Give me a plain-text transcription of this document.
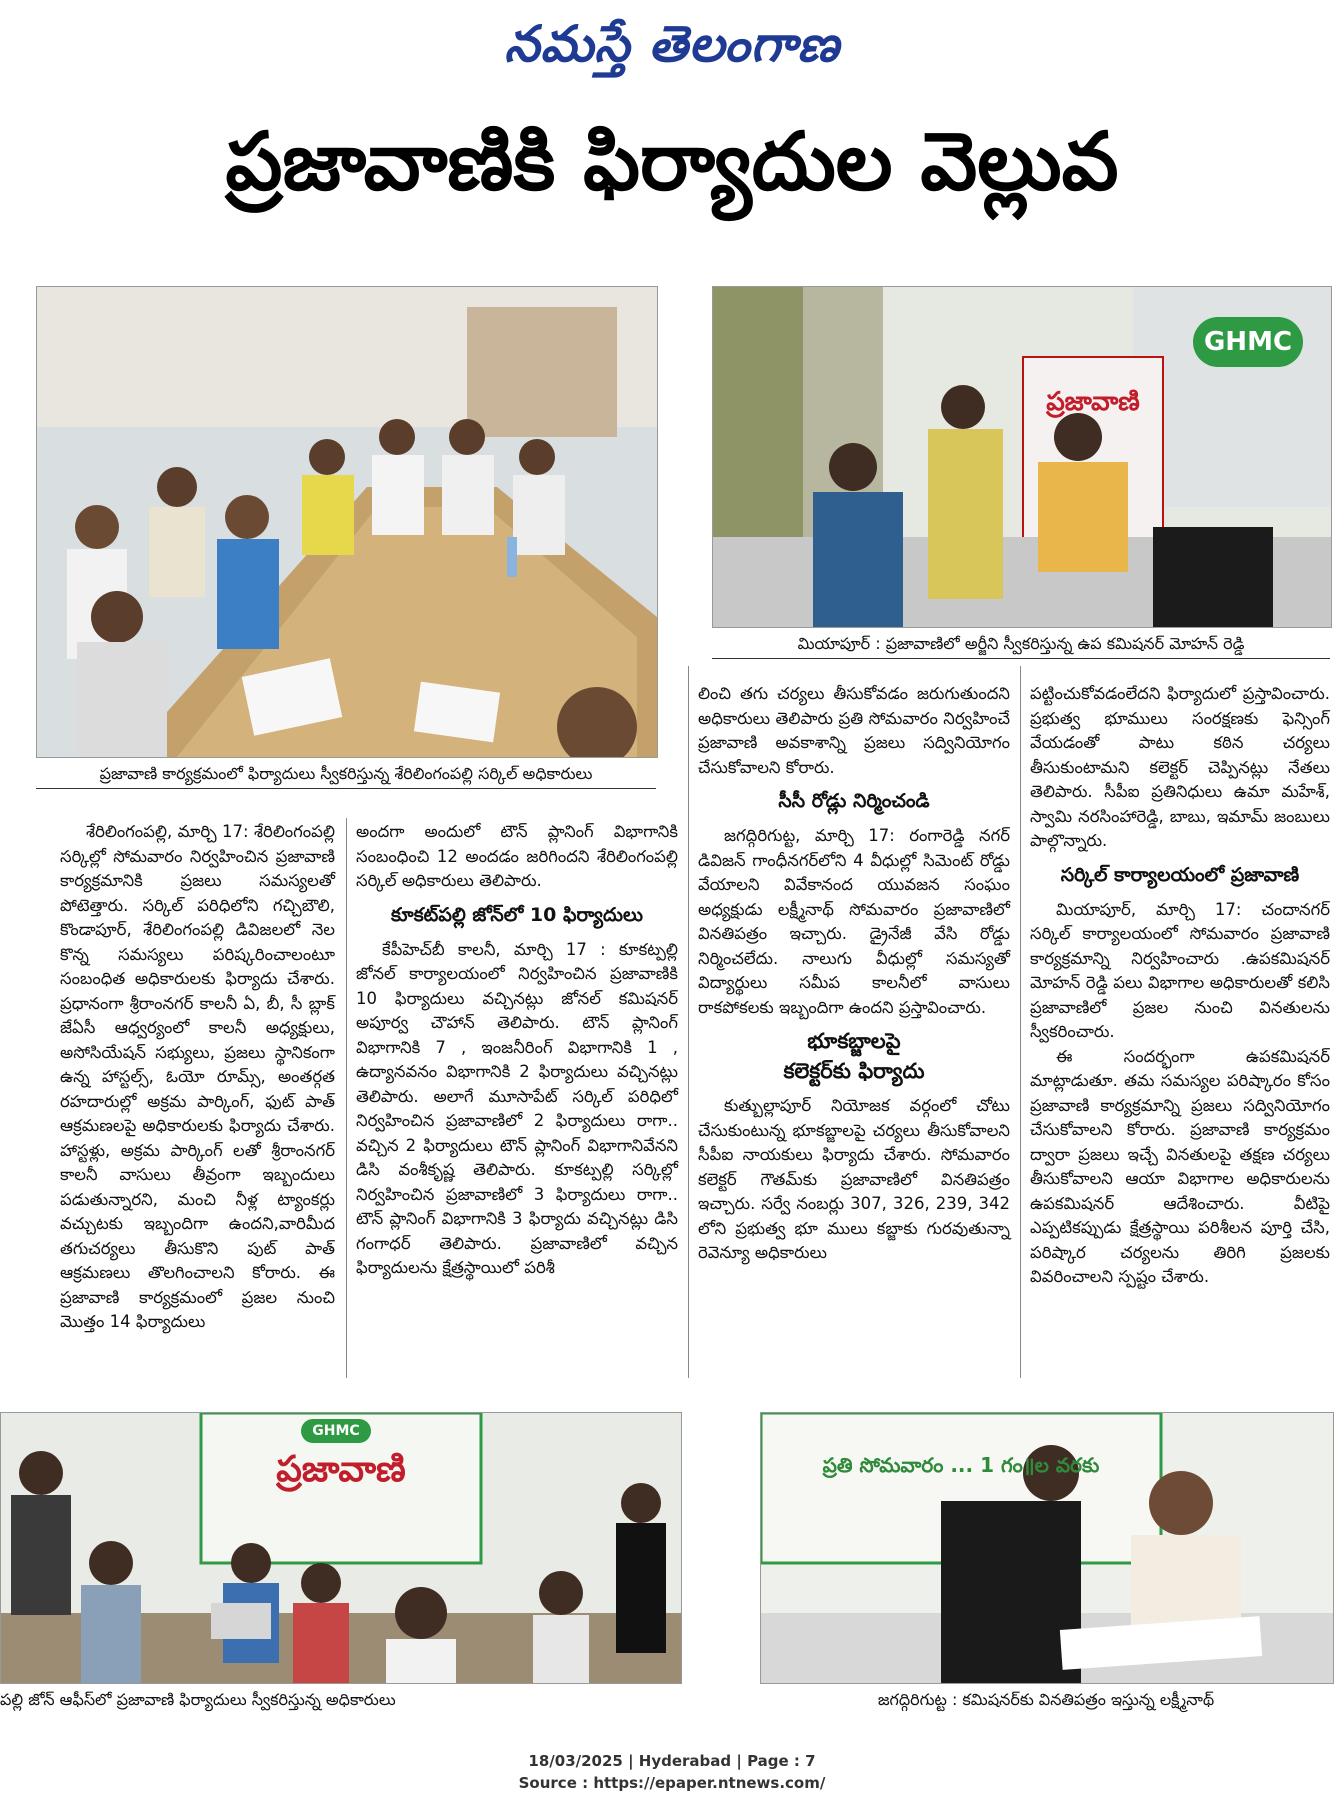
నమస్తే తెలంగాణ
ప్రజావాణికి ఫిర్యాదుల వెల్లువ
ప్రజావాణి కార్యక్రమంలో ఫిర్యాదులు స్వీకరిస్తున్న శేరిలింగంపల్లి సర్కిల్ అధికారులు
GHMC
ప్రజావాణి
మియాపూర్ : ప్రజావాణిలో అర్జీని స్వీకరిస్తున్న ఉప కమిషనర్ మోహన్ రెడ్డి

శేరిలింగంపల్లి, మార్చి 17: శేరిలింగంపల్లి సర్కిల్లో సోమవారం నిర్వహించిన ప్రజావాణి కార్యక్రమానికి ప్రజలు సమస్యలతో పోటెత్తారు. సర్కిల్ పరిధిలోని గచ్చిబౌలి, కొండాపూర్, శేరిలింగంపల్లి డివిజలలో నెల కొన్న సమస్యలు పరిష్కరించాలంటూ సంబంధిత అధికారులకు ఫిర్యాదు చేశారు. ప్రధానంగా శ్రీరాంనగర్ కాలనీ ఏ, బీ, సీ బ్లాక్ జేఏసీ ఆధ్వర్యంలో కాలనీ అధ్యక్షులు, అసోసియేషన్ సభ్యులు, ప్రజలు స్థానికంగా ఉన్న హాస్టల్స్, ఓయో రూమ్స్, అంతర్గత రహదారుల్లో అక్రమ పార్కింగ్, ఫుట్ పాత్ ఆక్రమణలపై అధికారులకు ఫిర్యాదు చేశారు. హాస్టళ్లు, అక్రమ పార్కింగ్ లతో శ్రీరాంనగర్ కాలనీ వాసులు తీవ్రంగా ఇబ్బందులు పడుతున్నారని, మంచి నీళ్ల ట్యాంకర్లు వచ్చుటకు ఇబ్బందిగా ఉందని,వారిమీద తగుచర్యలు తీసుకొని పుట్ పాత్ ఆక్రమణలు తొలగించాలని కోరారు. ఈ ప్రజావాణి కార్యక్రమంలో ప్రజల నుంచి మొత్తం 14 ఫిర్యాదులు

అందగా అందులో టౌన్ ప్లానింగ్ విభాగానికి సంబంధించి 12 అందడం జరిగిందని శేరిలింగంపల్లి సర్కిల్ అధికారులు తెలిపారు.

కూకట్‌పల్లి జోన్‌లో 10 ఫిర్యాదులు

కేపీహెచ్‌బీ కాలనీ, మార్చి 17 : కూకట్పల్లి జోనల్ కార్యాలయంలో నిర్వహించిన ప్రజావాణికి 10 ఫిర్యాదులు వచ్చినట్లు జోనల్ కమిషనర్ అపూర్వ చౌహాన్ తెలిపారు. టౌన్ ప్లానింగ్ విభాగానికి 7 , ఇంజనీరింగ్ విభాగానికి 1 , ఉద్యానవనం విభాగానికి 2 ఫిర్యాదులు వచ్చినట్లు తెలిపారు. అలాగే మూసాపేట్ సర్కిల్ పరిధిలో నిర్వహించిన ప్రజావాణిలో 2 ఫిర్యాదులు రాగా.. వచ్చిన 2 ఫిర్యాదులు టౌన్ ప్లానింగ్ విభాగానివేనని డిసి వంశీకృష్ణ తెలిపారు. కూకట్పల్లి సర్కిల్లో నిర్వహించిన ప్రజావాణిలో 3 ఫిర్యాదులు రాగా.. టౌన్ ప్లానింగ్ విభాగానికి 3 ఫిర్యాదు వచ్చినట్లు డిసి గంగాధర్ తెలిపారు. ప్రజావాణిలో వచ్చిన ఫిర్యాదులను క్షేత్రస్థాయిలో పరిశీ

లించి తగు చర్యలు తీసుకోవడం జరుగుతుందని అధికారులు తెలిపారు ప్రతి సోమవారం నిర్వహించే ప్రజావాణి అవకాశాన్ని ప్రజలు సద్వినియోగం చేసుకోవాలని కోరారు.

సీసీ రోడ్లు నిర్మించండి

జగద్గిరిగుట్ట, మార్చి 17: రంగారెడ్డి నగర్ డివిజన్ గాంధీనగర్‌లోని 4 వీధుల్లో సిమెంట్ రోడ్డు వేయాలని వివేకానంద యువజన సంఘం అధ్యక్షుడు లక్ష్మీనాథ్ సోమవారం ప్రజావాణిలో వినతిపత్రం ఇచ్చారు. డ్రైనేజీ వేసి రోడ్డు నిర్మించలేదు. నాలుగు వీధుల్లో సమస్యతో విద్యార్థులు సమీప కాలనీలో వాసులు రాకపోకలకు ఇబ్బందిగా ఉందని ప్రస్తావించారు.

భూకబ్జాలపై
కలెక్టర్‌కు ఫిర్యాదు

కుత్బుల్లాపూర్ నియోజక వర్గంలో చోటు చేసుకుంటున్న భూకబ్జాలపై చర్యలు తీసుకోవాలని సీపీఐ నాయకులు ఫిర్యాదు చేశారు. సోమవారం కలెక్టర్ గౌతమ్‌కు ప్రజావాణిలో వినతిపత్రం ఇచ్చారు. సర్వే నంబర్లు 307, 326, 239, 342 లోని ప్రభుత్వ భూ ములు కబ్జాకు గురవుతున్నా రెవెన్యూ అధికారులు

పట్టించుకోవడంలేదని ఫిర్యాదులో ప్రస్తావించారు. ప్రభుత్వ భూములు సంరక్షణకు ఫెన్సింగ్ వేయడంతో పాటు కఠిన చర్యలు తీసుకుంటామని కలెక్టర్ చెప్పినట్లు నేతలు తెలిపారు. సీపీఐ ప్రతినిధులు ఉమా మహేశ్, స్వామి నరసింహారెడ్డి, బాబు, ఇమామ్ జంబులు పాల్గొన్నారు.

సర్కిల్ కార్యాలయంలో ప్రజావాణి

మియాపూర్, మార్చి 17: చందానగర్ సర్కిల్ కార్యాలయంలో సోమవారం ప్రజావాణి కార్యక్రమాన్ని నిర్వహించారు .ఉపకమిషనర్ మోహన్ రెడ్డి పలు విభాగాల అధికారులతో కలిసి ప్రజావాణిలో ప్రజల నుంచి వినతులను స్వీకరించారు.

ఈ సందర్భంగా ఉపకమిషనర్ మాట్లాడుతూ. తమ సమస్యల పరిష్కారం కోసం ప్రజావాణి కార్యక్రమాన్ని ప్రజలు సద్వినియోగం చేసుకోవాలని కోరారు. ప్రజావాణి కార్యక్రమం ద్వారా ప్రజలు ఇచ్చే వినతులపై తక్షణ చర్యలు తీసుకోవాలని ఆయా విభాగాల అధికారులను ఉపకమిషనర్ ఆదేశించారు. వీటిపై ఎప్పటికప్పుడు క్షేత్రస్థాయి పరిశీలన పూర్తి చేసి, పరిష్కార చర్యలను తిరిగి ప్రజలకు వివరించాలని స్పష్టం చేశారు.

GHMC
ప్రజావాణి
పల్లి జోన్ ఆఫీస్‌లో ప్రజావాణి ఫిర్యాదులు స్వీకరిస్తున్న అధికారులు
ప్రతి సోమవారం ... 1 గం॥ల వరకు
జగద్గిరిగుట్ట : కమిషనర్‌కు వినతిపత్రం ఇస్తున్న లక్ష్మీనాథ్
18/03/2025 | Hyderabad | Page : 7
Source : https://epaper.ntnews.com/
